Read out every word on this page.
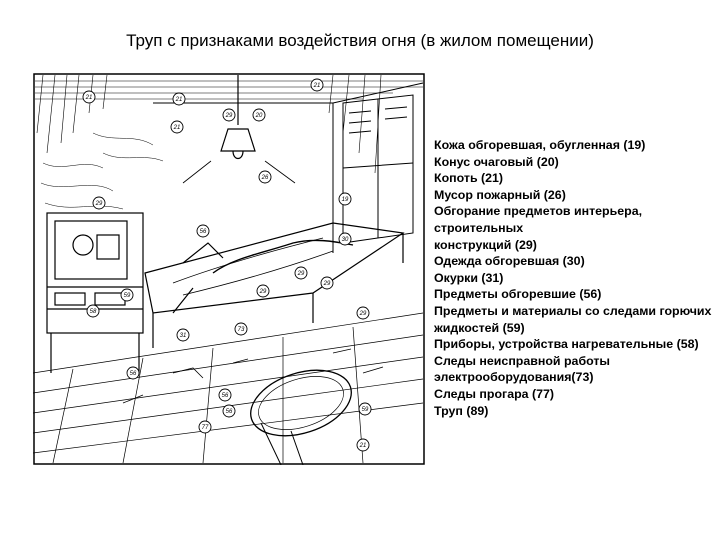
Труп с признаками воздействия огня (в жилом помещении)
21	21
21
21
29	20
26
19
56
29
30
29
29
29
29
59
58
73
31
56
56
59
77
56
21
Кожа обгоревшая, обугленная (19)
Конус очаговый (20)
Копоть (21)
Мусор пожарный (26)
Обгорание предметов интерьера, строительных
конструкций (29)
Одежда обгоревшая (30)
Окурки (31)
Предметы обгоревшие (56)
Предметы и материалы со следами горючих жидкостей (59)
Приборы, устройства нагревательные (58)
Следы неисправной работы электрооборудования(73)
Следы прогара (77)
Труп (89)
